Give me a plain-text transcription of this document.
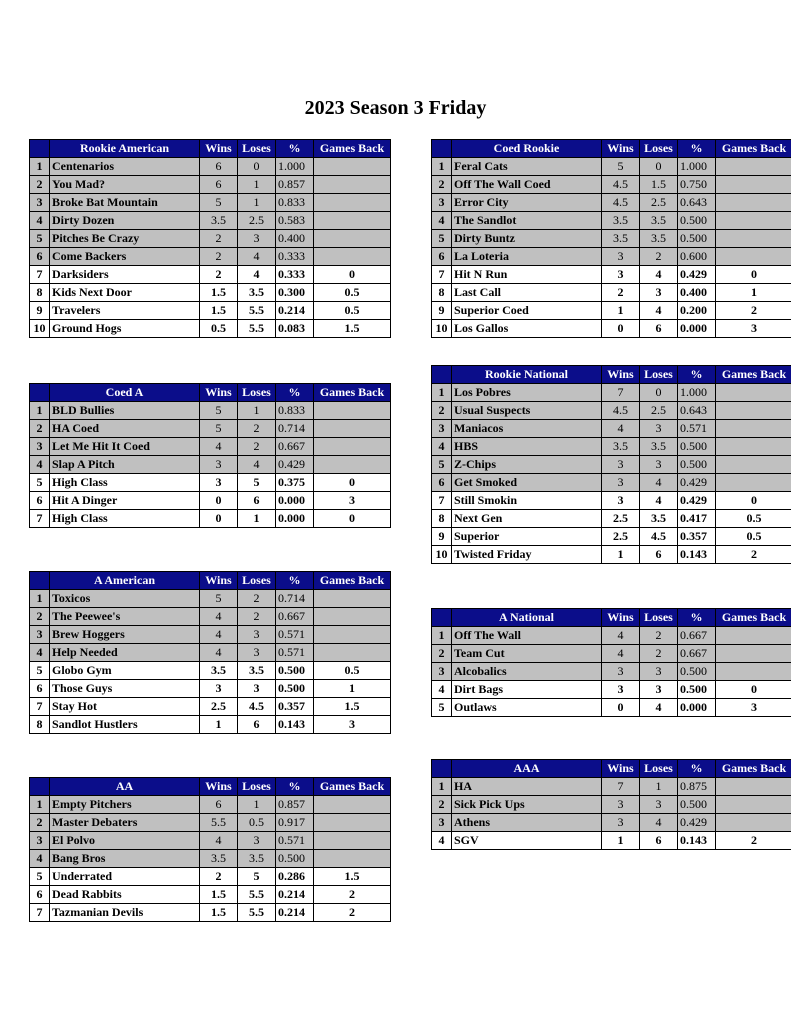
2023 Season 3 Friday
	Rookie American	Wins	Loses	%	Games Back
1	Centenarios	6	0	1.000	
2	You Mad?	6	1	0.857	
3	Broke Bat Mountain	5	1	0.833	
4	Dirty Dozen	3.5	2.5	0.583	
5	Pitches Be Crazy	2	3	0.400	
6	Come Backers	2	4	0.333	
7	Darksiders	2	4	0.333	0
8	Kids Next Door	1.5	3.5	0.300	0.5
9	Travelers	1.5	5.5	0.214	0.5
10	Ground Hogs	0.5	5.5	0.083	1.5
	Coed Rookie	Wins	Loses	%	Games Back
1	Feral Cats	5	0	1.000	
2	Off The Wall Coed	4.5	1.5	0.750	
3	Error City	4.5	2.5	0.643	
4	The Sandlot	3.5	3.5	0.500	
5	Dirty Buntz	3.5	3.5	0.500	
6	La Loteria	3	2	0.600	
7	Hit N Run	3	4	0.429	0
8	Last Call	2	3	0.400	1
9	Superior Coed	1	4	0.200	2
10	Los Gallos	0	6	0.000	3
	Coed A	Wins	Loses	%	Games Back
1	BLD Bullies	5	1	0.833	
2	HA Coed	5	2	0.714	
3	Let Me Hit It Coed	4	2	0.667	
4	Slap A Pitch	3	4	0.429	
5	High Class	3	5	0.375	0
6	Hit A Dinger	0	6	0.000	3
7	High Class	0	1	0.000	0
	Rookie National	Wins	Loses	%	Games Back
1	Los Pobres	7	0	1.000	
2	Usual Suspects	4.5	2.5	0.643	
3	Maniacos	4	3	0.571	
4	HBS	3.5	3.5	0.500	
5	Z-Chips	3	3	0.500	
6	Get Smoked	3	4	0.429	
7	Still Smokin	3	4	0.429	0
8	Next Gen	2.5	3.5	0.417	0.5
9	Superior	2.5	4.5	0.357	0.5
10	Twisted Friday	1	6	0.143	2
	A American	Wins	Loses	%	Games Back
1	Toxicos	5	2	0.714	
2	The Peewee's	4	2	0.667	
3	Brew Hoggers	4	3	0.571	
4	Help Needed	4	3	0.571	
5	Globo Gym	3.5	3.5	0.500	0.5
6	Those Guys	3	3	0.500	1
7	Stay Hot	2.5	4.5	0.357	1.5
8	Sandlot Hustlers	1	6	0.143	3
	A National	Wins	Loses	%	Games Back
1	Off The Wall	4	2	0.667	
2	Team Cut	4	2	0.667	
3	Alcobalics	3	3	0.500	
4	Dirt Bags	3	3	0.500	0
5	Outlaws	0	4	0.000	3
	AA	Wins	Loses	%	Games Back
1	Empty Pitchers	6	1	0.857	
2	Master Debaters	5.5	0.5	0.917	
3	El Polvo	4	3	0.571	
4	Bang Bros	3.5	3.5	0.500	
5	Underrated	2	5	0.286	1.5
6	Dead Rabbits	1.5	5.5	0.214	2
7	Tazmanian Devils	1.5	5.5	0.214	2
	AAA	Wins	Loses	%	Games Back
1	HA	7	1	0.875	
2	Sick Pick Ups	3	3	0.500	
3	Athens	3	4	0.429	
4	SGV	1	6	0.143	2
